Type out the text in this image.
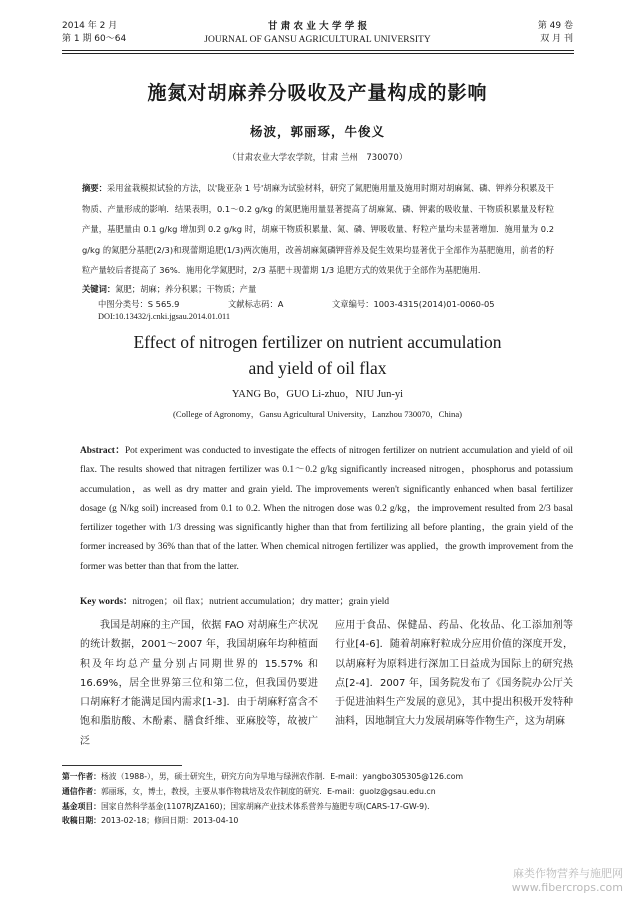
2014 年 2 月
第 1 期 60～64
甘 肃 农 业 大 学 学 报
JOURNAL OF GANSU AGRICULTURAL UNIVERSITY
第 49 卷
双 月 刊
施氮对胡麻养分吸收及产量构成的影响
杨波，郭丽琢，牛俊义
（甘肃农业大学农学院，甘肃 兰州　730070）
摘要：采用盆栽模拟试验的方法，以'陇亚杂 1 号'胡麻为试验材料，研究了氮肥施用量及施用时期对胡麻氮、磷、钾养分积累及干物质、产量形成的影响．结果表明，0.1～0.2 g/kg 的氮肥施用量显著提高了胡麻氮、磷、钾素的吸收量、干物质积累量及籽粒产量，基肥量由 0.1 g/kg 增加到 0.2 g/kg 时，胡麻干物质积累量、氮、磷、钾吸收量、籽粒产量均未显著增加．施用量为 0.2 g/kg 的氮肥分基肥(2/3)和现蕾期追肥(1/3)两次施用，改善胡麻氮磷钾营养及促生效果均显著优于全部作为基肥施用，前者的籽粒产量较后者提高了 36%．施用化学氮肥时，2/3 基肥＋现蕾期 1/3 追肥方式的效果优于全部作为基肥施用．
关键词：氮肥；胡麻；养分积累；干物质；产量
中图分类号：S 565.9	文献标志码：A	文章编号：1003-4315(2014)01-0060-05
DOI:10.13432/j.cnki.jgsau.2014.01.011
Effect of nitrogen fertilizer on nutrient accumulation
and yield of oil flax
YANG Bo，GUO Li-zhuo，NIU Jun-yi
(College of Agronomy，Gansu Agricultural University，Lanzhou 730070，China)
Abstract：Pot experiment was conducted to investigate the effects of nitrogen fertilizer on nutrient accumulation and yield of oil flax. The results showed that nitragen fertilizer was 0.1～0.2 g/kg significantly increased nitrogen，phosphorus and potassium accumulation，as well as dry matter and grain yield. The improvements weren't significantly enhanced when basal fertilizer dosage (g N/kg soil) increased from 0.1 to 0.2. When the nitrogen dose was 0.2 g/kg，the improvement resulted from 2/3 basal fertilizer together with 1/3 dressing was significantly higher than that from fertilizing all before planting，the grain yield of the former increased by 36% than that of the latter. When chemical nitrogen fertilizer was applied，the growth improvement from the former was better than that from the latter.
Key words：nitrogen；oil flax；nutrient accumulation；dry matter；grain yield
我国是胡麻的主产国，依据 FAO 对胡麻生产状况的统计数据，2001～2007 年，我国胡麻年均种植面积及年均总产量分别占同期世界的 15.57% 和 16.69%，居全世界第三位和第二位，但我国仍要进口胡麻籽才能满足国内需求[1-3]．由于胡麻籽富含不饱和脂肪酸、木酚素、膳食纤维、亚麻胶等，故被广泛
应用于食品、保健品、药品、化妆品、化工添加剂等行业[4-6]．随着胡麻籽粒成分应用价值的深度开发，以胡麻籽为原料进行深加工日益成为国际上的研究热点[2-4]．2007 年，国务院发布了《国务院办公厅关于促进油料生产发展的意见》，其中提出积极开发特种油料，因地制宜大力发展胡麻等作物生产，这为胡麻
第一作者：杨波（1988-），男，硕士研究生，研究方向为旱地与绿洲农作制．E-mail：yangbo305305@126.com
通信作者：郭丽琢，女，博士，教授，主要从事作物栽培及农作制度的研究．E-mail：guolz@gsau.edu.cn
基金项目：国家自然科学基金(1107RJZA160)；国家胡麻产业技术体系营养与施肥专项(CARS-17-GW-9)．
收稿日期：2013-02-18；修回日期：2013-04-10
麻类作物营养与施肥网
www.fibercrops.com
